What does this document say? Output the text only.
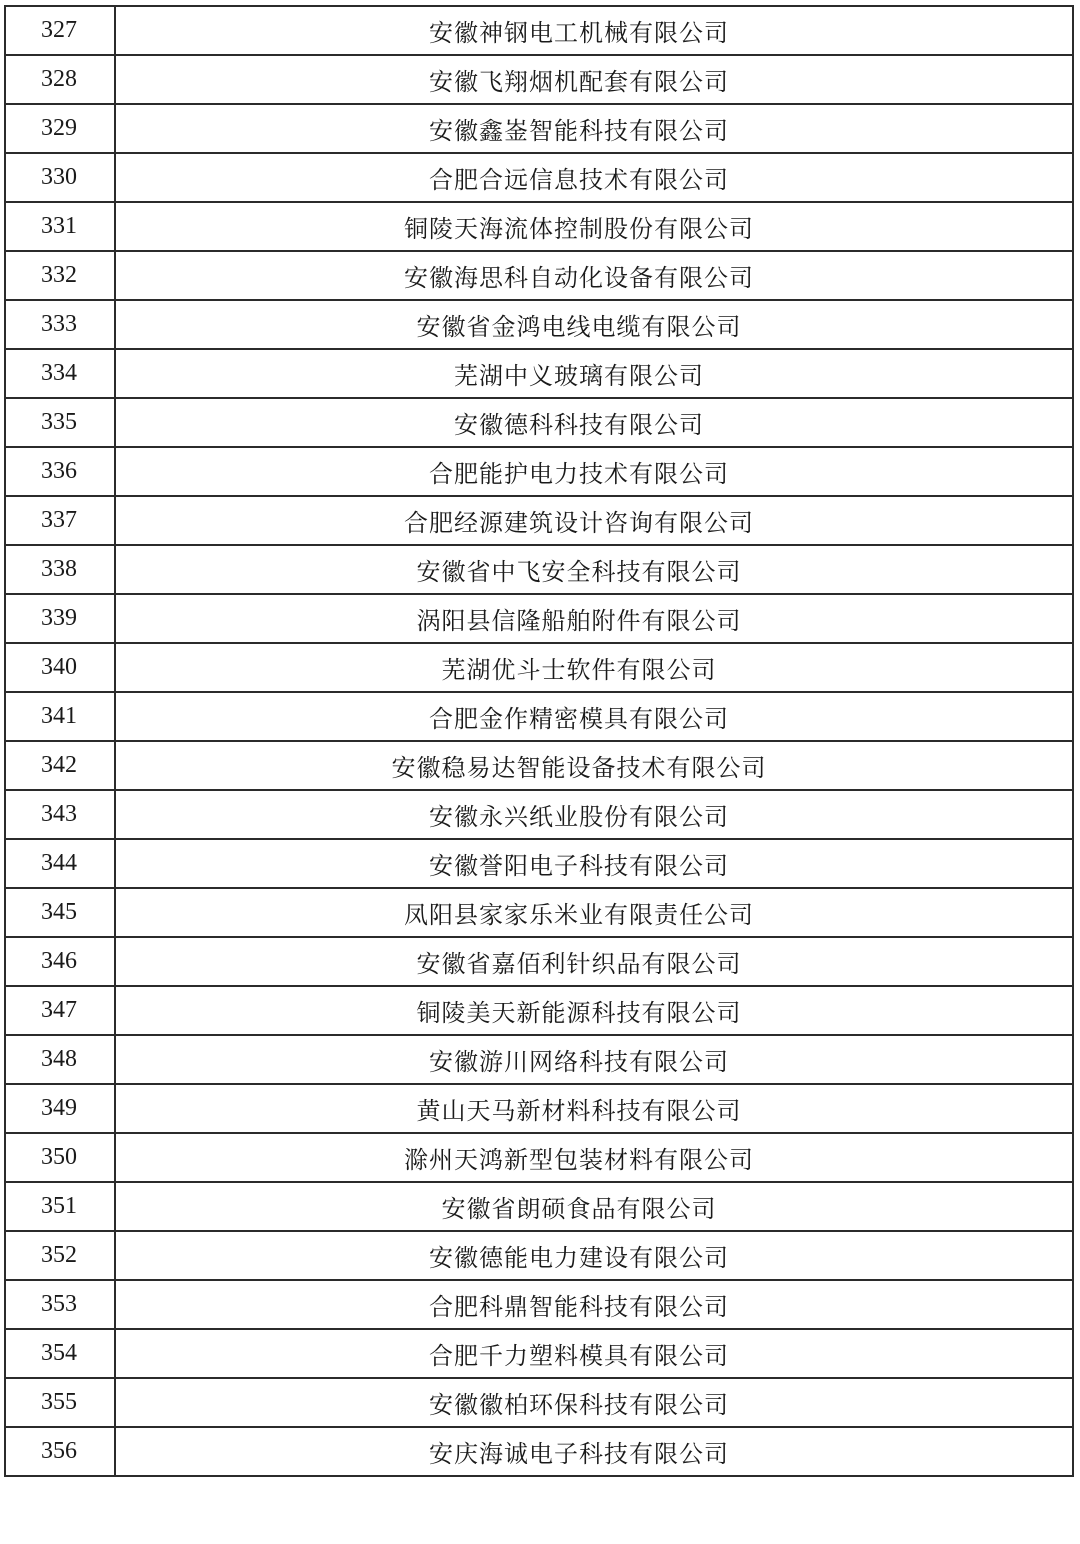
327	安徽神钢电工机械有限公司
328	安徽飞翔烟机配套有限公司
329	安徽鑫崟智能科技有限公司
330	合肥合远信息技术有限公司
331	铜陵天海流体控制股份有限公司
332	安徽海思科自动化设备有限公司
333	安徽省金鸿电线电缆有限公司
334	芜湖中义玻璃有限公司
335	安徽德科科技有限公司
336	合肥能护电力技术有限公司
337	合肥经源建筑设计咨询有限公司
338	安徽省中飞安全科技有限公司
339	涡阳县信隆船舶附件有限公司
340	芜湖优斗士软件有限公司
341	合肥金作精密模具有限公司
342	安徽稳易达智能设备技术有限公司
343	安徽永兴纸业股份有限公司
344	安徽誉阳电子科技有限公司
345	凤阳县家家乐米业有限责任公司
346	安徽省嘉佰利针织品有限公司
347	铜陵美天新能源科技有限公司
348	安徽游川网络科技有限公司
349	黄山天马新材料科技有限公司
350	滁州天鸿新型包装材料有限公司
351	安徽省朗硕食品有限公司
352	安徽德能电力建设有限公司
353	合肥科鼎智能科技有限公司
354	合肥千力塑料模具有限公司
355	安徽徽柏环保科技有限公司
356	安庆海诚电子科技有限公司
